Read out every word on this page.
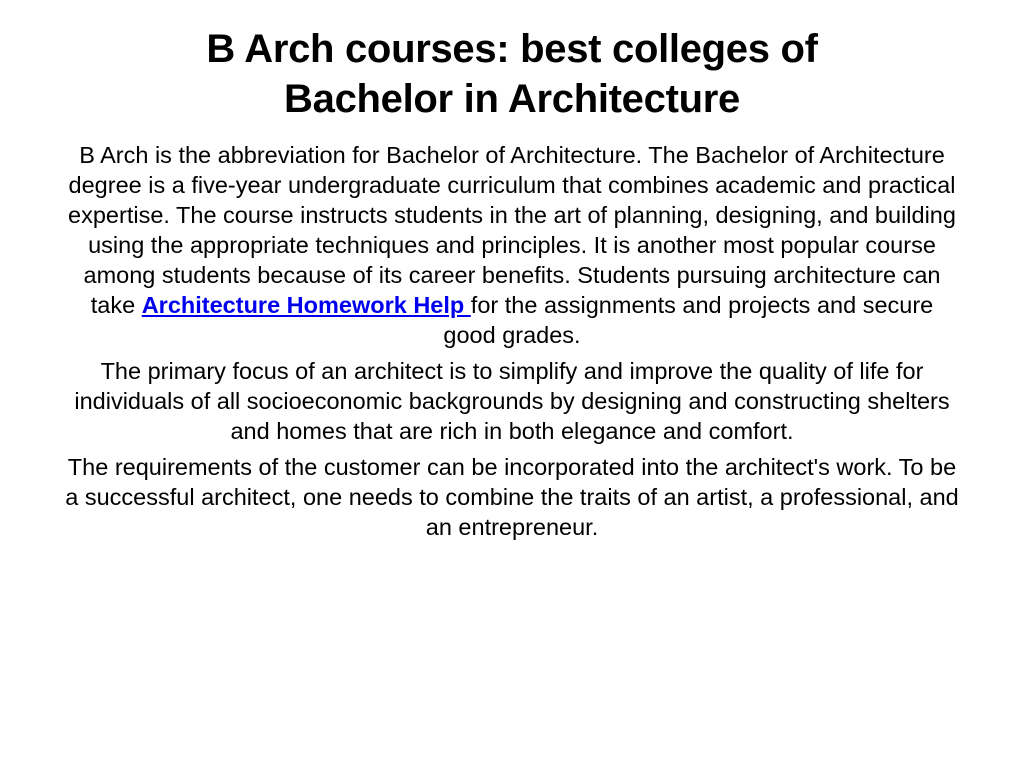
B Arch courses: best colleges of
Bachelor in Architecture

B Arch is the abbreviation for Bachelor of Architecture. The Bachelor of Architecture degree is a five-year undergraduate curriculum that combines academic and practical expertise. The course instructs students in the art of planning, designing, and building using the appropriate techniques and principles. It is another most popular course among students because of its career benefits. Students pursuing architecture can take Architecture Homework Help for the assignments and projects and secure good grades.

The primary focus of an architect is to simplify and improve the quality of life for individuals of all socioeconomic backgrounds by designing and constructing shelters and homes that are rich in both elegance and comfort.

The requirements of the customer can be incorporated into the architect's work. To be a successful architect, one needs to combine the traits of an artist, a professional, and an entrepreneur.
